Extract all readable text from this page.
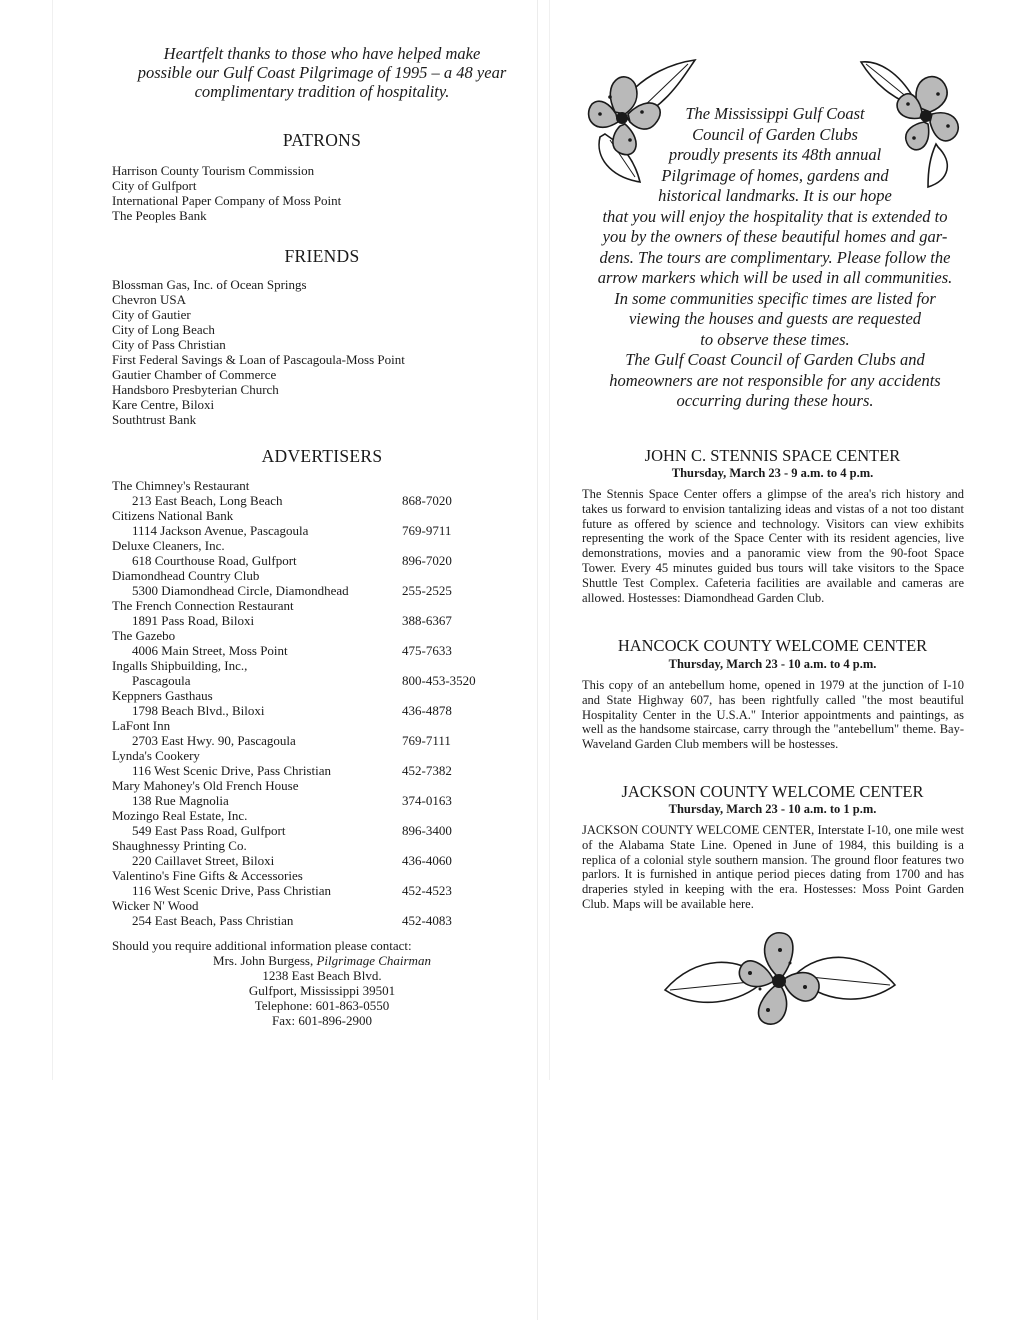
Heartfelt thanks to those who have helped make
possible our Gulf Coast Pilgrimage of 1995 – a 48 year
complimentary tradition of hospitality.
PATRONS
Harrison County Tourism Commission
City of Gulfport
International Paper Company of Moss Point
The Peoples Bank
FRIENDS
Blossman Gas, Inc. of Ocean Springs
Chevron USA
City of Gautier
City of Long Beach
City of Pass Christian
First Federal Savings & Loan of Pascagoula-Moss Point
Gautier Chamber of Commerce
Handsboro Presbyterian Church
Kare Centre, Biloxi
Southtrust Bank
ADVERTISERS
The Chimney's Restaurant
213 East Beach, Long Beach	868-7020
Citizens National Bank
1114 Jackson Avenue, Pascagoula	769-9711
Deluxe Cleaners, Inc.
618 Courthouse Road, Gulfport	896-7020
Diamondhead Country Club
5300 Diamondhead Circle, Diamondhead	255-2525
The French Connection Restaurant
1891 Pass Road, Biloxi	388-6367
The Gazebo
4006 Main Street, Moss Point	475-7633
Ingalls Shipbuilding, Inc.,
Pascagoula	800-453-3520
Keppners Gasthaus
1798 Beach Blvd., Biloxi	436-4878
LaFont Inn
2703 East Hwy. 90, Pascagoula	769-7111
Lynda's Cookery
116 West Scenic Drive, Pass Christian	452-7382
Mary Mahoney's Old French House
138 Rue Magnolia	374-0163
Mozingo Real Estate, Inc.
549 East Pass Road, Gulfport	896-3400
Shaughnessy Printing Co.
220 Caillavet Street, Biloxi	436-4060
Valentino's Fine Gifts & Accessories
116 West Scenic Drive, Pass Christian	452-4523
Wicker N' Wood
254 East Beach, Pass Christian	452-4083
Should you require additional information please contact:
Mrs. John Burgess, Pilgrimage Chairman
1238 East Beach Blvd.
Gulfport, Mississippi 39501
Telephone: 601-863-0550
Fax: 601-896-2900
The Mississippi Gulf Coast
Council of Garden Clubs
proudly presents its 48th annual
Pilgrimage of homes, gardens and
historical landmarks. It is our hope
that you will enjoy the hospitality that is extended to
you by the owners of these beautiful homes and gar-
dens. The tours are complimentary. Please follow the
arrow markers which will be used in all communities.
In some communities specific times are listed for
viewing the houses and guests are requested
to observe these times.
The Gulf Coast Council of Garden Clubs and
homeowners are not responsible for any accidents
occurring during these hours.
JOHN C. STENNIS SPACE CENTER
Thursday, March 23 - 9 a.m. to 4 p.m.
The Stennis Space Center offers a glimpse of the area's rich history and takes us forward to envision tantalizing ideas and vistas of a not too distant future as offered by science and technology. Visitors can view exhibits representing the work of the Space Center with its resident agencies, live demonstrations, movies and a panoramic view from the 90-foot Space Tower. Every 45 minutes guided bus tours will take visitors to the Space Shuttle Test Complex. Cafeteria facilities are available and cameras are allowed. Hostesses: Diamondhead Garden Club.
HANCOCK COUNTY WELCOME CENTER
Thursday, March 23 - 10 a.m. to 4 p.m.
This copy of an antebellum home, opened in 1979 at the junction of I-10 and State Highway 607, has been rightfully called "the most beautiful Hospitality Center in the U.S.A." Interior appointments and paintings, as well as the handsome staircase, carry through the "antebellum" theme. Bay-Waveland Garden Club members will be hostesses.
JACKSON COUNTY WELCOME CENTER
Thursday, March 23 - 10 a.m. to 1 p.m.
JACKSON COUNTY WELCOME CENTER, Interstate I-10, one mile west of the Alabama State Line. Opened in June of 1984, this building is a replica of a colonial style southern mansion. The ground floor features two parlors. It is furnished in antique period pieces dating from 1700 and has draperies styled in keeping with the era. Hostesses: Moss Point Garden Club. Maps will be available here.
